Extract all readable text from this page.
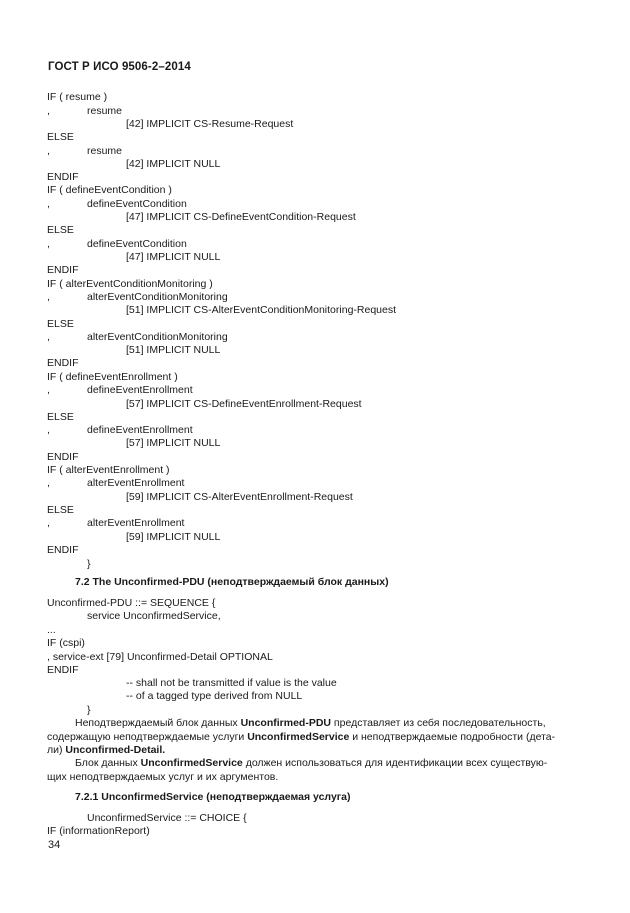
ГОСТ Р ИСО 9506-2–2014
IF ( resume )
,	resume
[42] IMPLICIT CS-Resume-Request
ELSE
,	resume
[42] IMPLICIT NULL
ENDIF
IF ( defineEventCondition )
,	defineEventCondition
[47] IMPLICIT CS-DefineEventCondition-Request
ELSE
,	defineEventCondition
[47] IMPLICIT NULL
ENDIF
IF ( alterEventConditionMonitoring )
,	alterEventConditionMonitoring
[51] IMPLICIT CS-AlterEventConditionMonitoring-Request
ELSE
,	alterEventConditionMonitoring
[51] IMPLICIT NULL
ENDIF
IF ( defineEventEnrollment )
,	defineEventEnrollment
[57] IMPLICIT CS-DefineEventEnrollment-Request
ELSE
,	defineEventEnrollment
[57] IMPLICIT NULL
ENDIF
IF ( alterEventEnrollment )
,	alterEventEnrollment
[59] IMPLICIT CS-AlterEventEnrollment-Request
ELSE
,	alterEventEnrollment
[59] IMPLICIT NULL
ENDIF
}
7.2 The Unconfirmed-PDU (неподтверждаемый блок данных)
Unconfirmed-PDU ::= SEQUENCE {
service UnconfirmedService,
...
IF (cspi)
, service-ext [79] Unconfirmed-Detail OPTIONAL
ENDIF
-- shall not be transmitted if value is the value
-- of a tagged type derived from NULL
}
Неподтверждаемый блок данных Unconfirmed-PDU представляет из себя последовательность,
содержащую неподтверждаемые услуги UnconfirmedService и неподтверждаемые подробности (дета-
ли) Unconfirmed-Detail.
Блок данных UnconfirmedService должен использоваться для идентификации всех существую-
щих неподтверждаемых услуг и их аргументов.
7.2.1 UnconfirmedService (неподтверждаемая услуга)
UnconfirmedService ::= CHOICE {
IF (informationReport)
34
